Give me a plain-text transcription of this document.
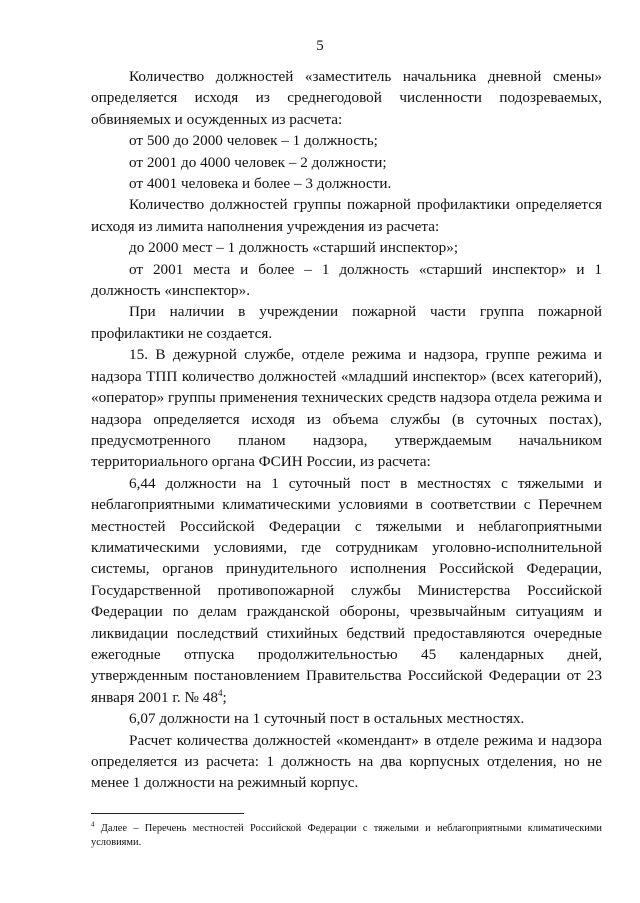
5

Количество должностей «заместитель начальника дневной смены» определяется исходя из среднегодовой численности подозреваемых, обвиняемых и осужденных из расчета:

от 500 до 2000 человек – 1 должность;

от 2001 до 4000 человек – 2 должности;

от 4001 человека и более – 3 должности.

Количество должностей группы пожарной профилактики определяется исходя из лимита наполнения учреждения из расчета:

до 2000 мест – 1 должность «старший инспектор»;

от 2001 места и более – 1 должность «старший инспектор» и 1 должность «инспектор».

При наличии в учреждении пожарной части группа пожарной профилактики не создается.

15. В дежурной службе, отделе режима и надзора, группе режима и надзора ТПП количество должностей «младший инспектор» (всех категорий), «оператор» группы применения технических средств надзора отдела режима и надзора определяется исходя из объема службы (в суточных постах), предусмотренного планом надзора, утверждаемым начальником территориального органа ФСИН России, из расчета:

6,44 должности на 1 суточный пост в местностях с тяжелыми и неблагоприятными климатическими условиями в соответствии с Перечнем местностей Российской Федерации с тяжелыми и неблагоприятными климатическими условиями, где сотрудникам уголовно-исполнительной системы, органов принудительного исполнения Российской Федерации, Государственной противопожарной службы Министерства Российской Федерации по делам гражданской обороны, чрезвычайным ситуациям и ликвидации последствий стихийных бедствий предоставляются очередные ежегодные отпуска продолжительностью 45 календарных дней, утвержденным постановлением Правительства Российской Федерации от 23 января 2001 г. № $48^4$;

6,07 должности на 1 суточный пост в остальных местностях.

Расчет количества должностей «комендант» в отделе режима и надзора определяется из расчета: 1 должность на два корпусных отделения, но не менее 1 должности на режимный корпус.

$^4$ Далее – Перечень местностей Российской Федерации с тяжелыми и неблагоприятными климатическими условиями.
